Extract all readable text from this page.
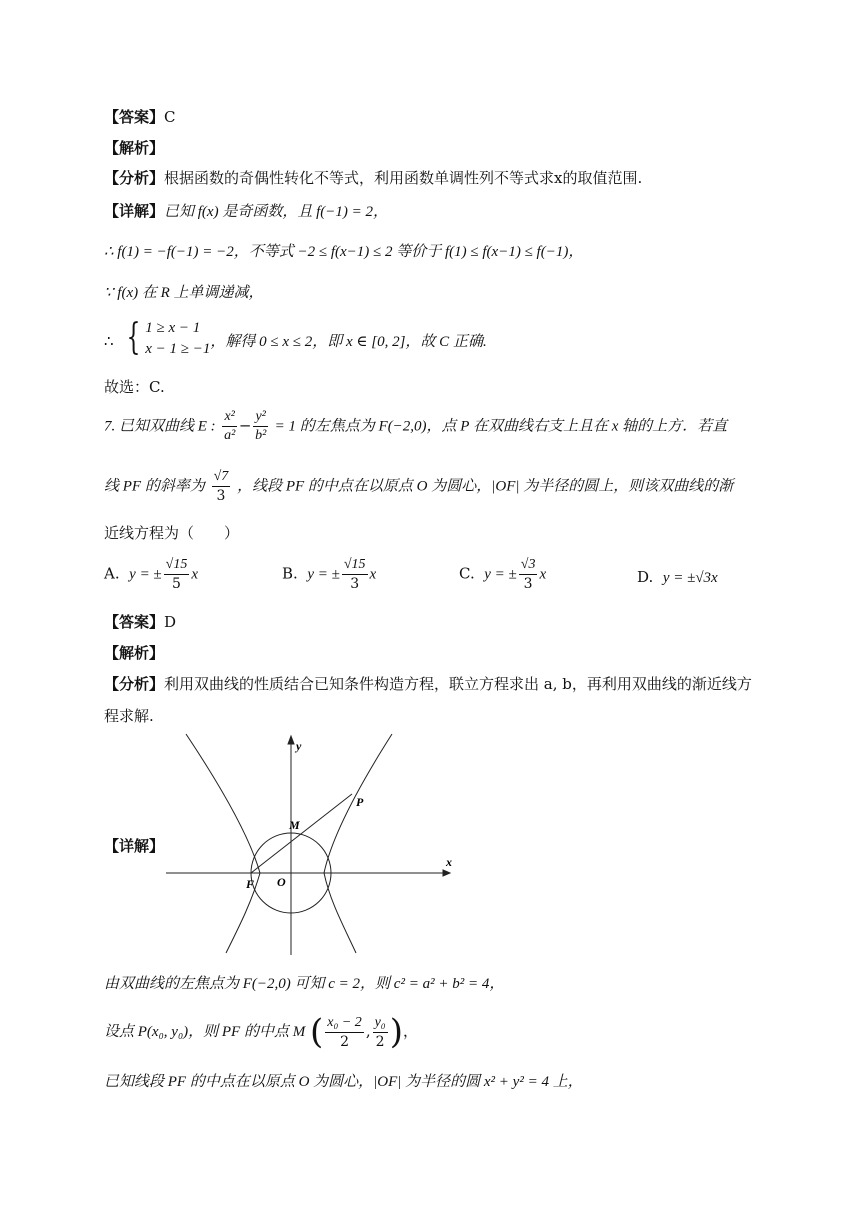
【答案】C
【解析】
【分析】根据函数的奇偶性转化不等式，利用函数单调性列不等式求x的取值范围.
【详解】已知 f(x) 是奇函数，且 f(−1) = 2，
∴ f(1) = −f(−1) = −2，不等式 −2 ≤ f(x−1) ≤ 2 等价于 f(1) ≤ f(x−1) ≤ f(−1)，
∵ f(x) 在 R 上单调递减，
∴ { 1 ≥ x − 1
x − 1 ≥ −1 ，解得 0 ≤ x ≤ 2，即 x ∈ [0, 2]，故 C 正确.
故选：C.
7. 已知双曲线 E : $\frac{\text{x²}}{\text{a²}} - \frac{\text{y²}}{\text{b²}} = 1$ 的左焦点为 F(−2,0)，点 P 在双曲线右支上且在 x 轴的上方．若直
线 PF 的斜率为 $\frac{√7}{3}$ ，线段 PF 的中点在以原点 O 为圆心，|OF| 为半径的圆上，则该双曲线的渐
近线方程为（　　）
A. y = ± $\frac{√15}{5}$ x	B. y = ± $\frac{√15}{3}$ x	C. y = ± $\frac{√3}{3}$ x	D. y = ±√3x
【答案】D
【解析】
【分析】利用双曲线的性质结合已知条件构造方程，联立方程求出 a, b，再利用双曲线的渐近线方
程求解.
【详解】
y
x
P
M
F O
由双曲线的左焦点为 F(−2,0) 可知 c = 2，则 c² = a² + b² = 4，
设点 P(x₀, y₀)，则 PF 的中点 M ( $\frac{\text{x₀ − 2}}{2}$ , $\frac{\text{y₀}}{2}$ )，
已知线段 PF 的中点在以原点 O 为圆心，|OF| 为半径的圆 x² + y² = 4 上，
